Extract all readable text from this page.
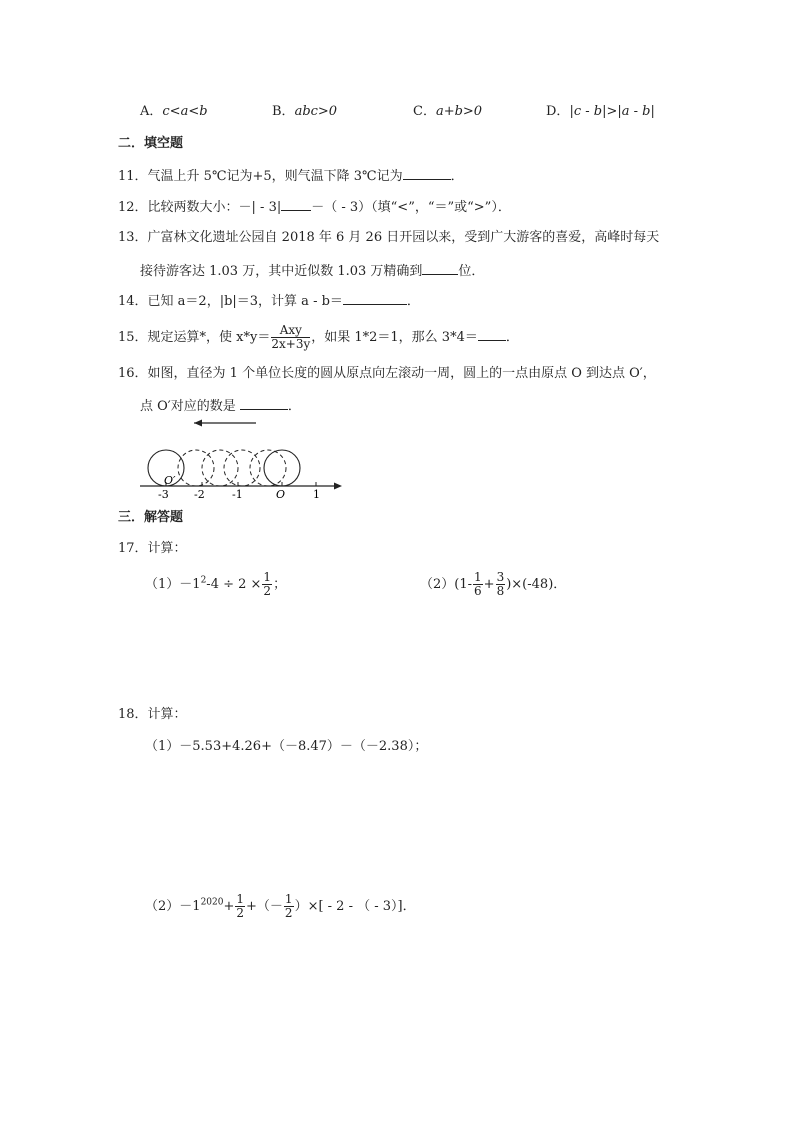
A．c<a<b	B．abc>0	C．a+b>0	D．|c - b|>|a - b|
二．填空题
11．气温上升 5℃记为+5，则气温下降 3℃记为	．
12．比较两数大小：－| - 3| －（ - 3）（填“<”，“＝”或“>”）．
13．广富林文化遗址公园自 2018 年 6 月 26 日开园以来，受到广大游客的喜爱，高峰时每天
接待游客达 1.03 万，其中近似数 1.03 万精确到	位．
14．已知 a＝2，|b|＝3，计算 a - b＝	．
15．规定运算*，使 $x*y= \frac{\text{Axy}}{2x+3y}$ ，如果 1*2＝1，那么 3*4＝ ．
16．如图，直径为 1 个单位长度的圆从原点向左滚动一周，圆上的一点由原点 O 到达点 O′，
点 O′对应的数是	．
-3 -2 -1	O	1
O′
三．解答题
17．计算：
$(1)-1^2-4 \div 2 \times \frac{1}{2}$ ；	$(2)(1- \frac{1}{6} + \frac{3}{8} )\times(-48)$．
18．计算：
（1）－5.53+4.26+（－8.47）－（－2.38）；
$(2)-1^{2020}+ \frac{1}{2}$ +（－ $\frac{1}{2}$ ）×[ - 2 - （ - 3）]．
